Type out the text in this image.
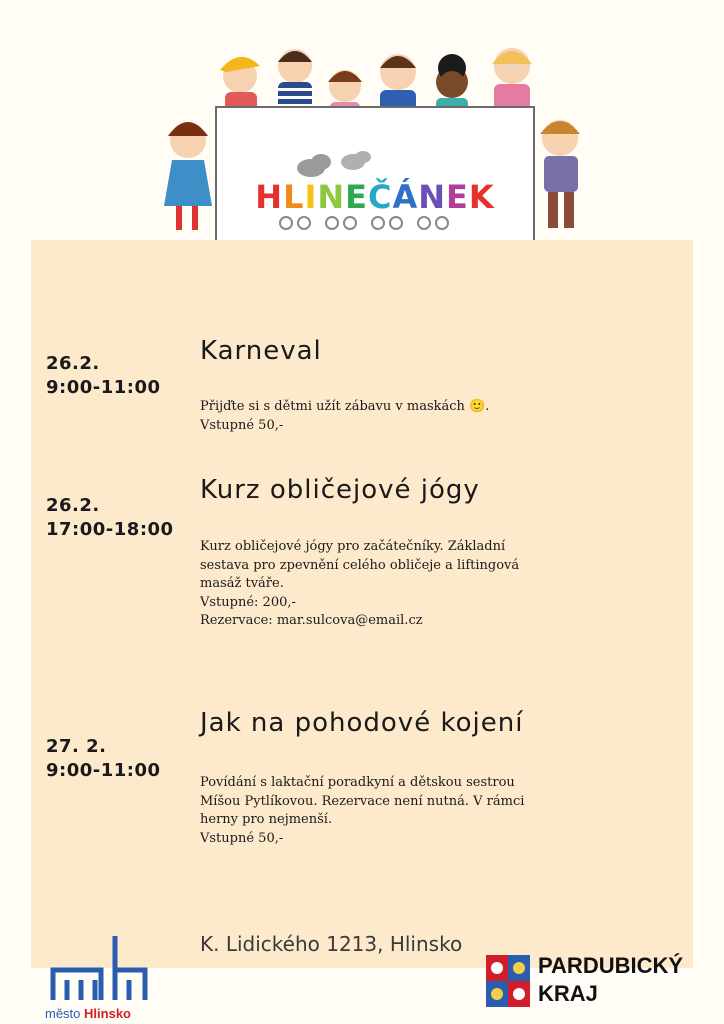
HLINEČÁNEK
26.2.
9:00-11:00
Karneval
Přijďte si s dětmi užít zábavu v maskách 🙂.
Vstupné 50,-
26.2.
17:00-18:00
Kurz obličejové jógy
Kurz obličejové jógy pro začátečníky. Základní
sestava pro zpevnění celého obličeje a liftingová
masáž tváře.
Vstupné: 200,-
Rezervace: mar.sulcova@email.cz
27. 2.
9:00-11:00
Jak na pohodové kojení
Povídání s laktační poradkyní a dětskou sestrou
Míšou Pytlíkovou. Rezervace není nutná. V rámci
herny pro nejmenší.
Vstupné 50,-
K. Lidického 1213, Hlinsko
město Hlinsko
PARDUBICKÝ
KRAJ
